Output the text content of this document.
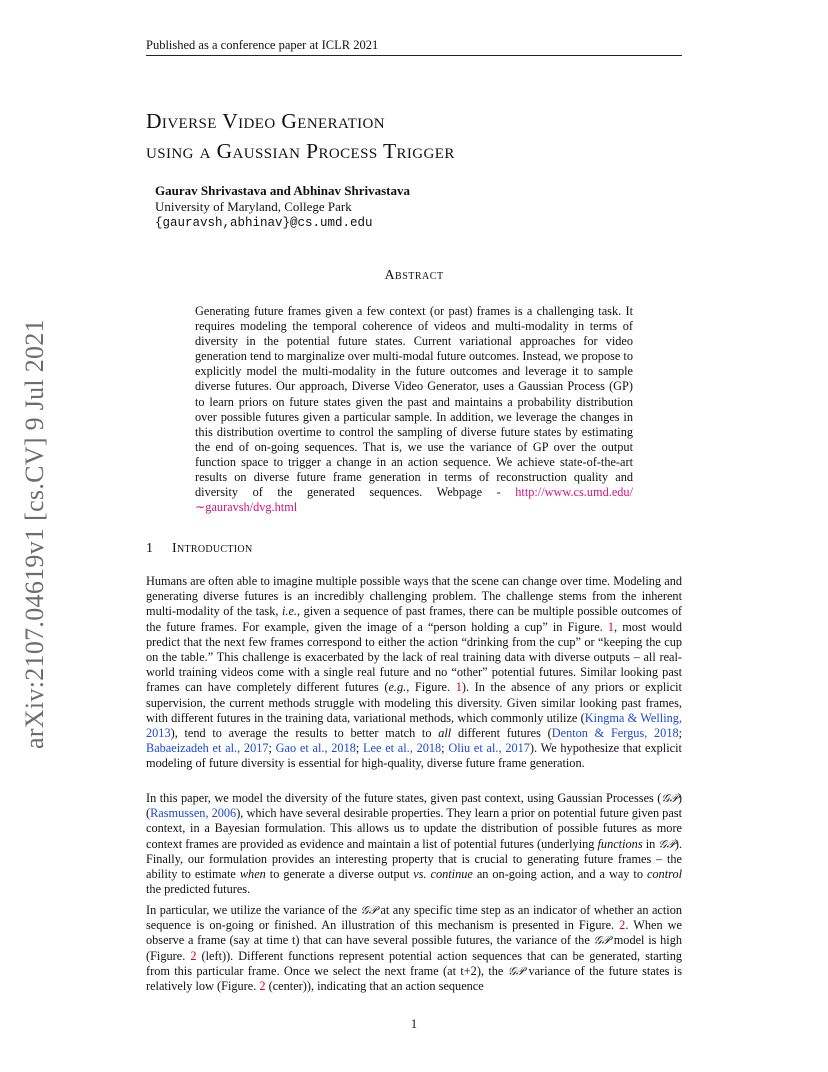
Published as a conference paper at ICLR 2021
arXiv:2107.04619v1 [cs.CV] 9 Jul 2021
Diverse Video Generation
using a Gaussian Process Trigger
Gaurav Shrivastava and Abhinav Shrivastava
University of Maryland, College Park
{gauravsh,abhinav}@cs.umd.edu
Abstract
Generating future frames given a few context (or past) frames is a challenging task. It requires modeling the temporal coherence of videos and multi-modality in terms of diversity in the potential future states. Current variational approaches for video generation tend to marginalize over multi-modal future outcomes. Instead, we propose to explicitly model the multi-modality in the future outcomes and leverage it to sample diverse futures. Our approach, Diverse Video Generator, uses a Gaussian Process (GP) to learn priors on future states given the past and maintains a probability distribution over possible futures given a particular sample. In addition, we leverage the changes in this distribution overtime to control the sampling of diverse future states by estimating the end of on-going sequences. That is, we use the variance of GP over the output function space to trigger a change in an action sequence. We achieve state-of-the-art results on diverse future frame generation in terms of reconstruction quality and diversity of the generated sequences. Webpage - http://www.cs.umd.edu/∼gauravsh/dvg.html
1 Introduction
Humans are often able to imagine multiple possible ways that the scene can change over time. Modeling and generating diverse futures is an incredibly challenging problem. The challenge stems from the inherent multi-modality of the task, i.e., given a sequence of past frames, there can be multiple possible outcomes of the future frames. For example, given the image of a “person holding a cup” in Figure. 1, most would predict that the next few frames correspond to either the action “drinking from the cup” or “keeping the cup on the table.” This challenge is exacerbated by the lack of real training data with diverse outputs – all real-world training videos come with a single real future and no “other” potential futures. Similar looking past frames can have completely different futures (e.g., Figure. 1). In the absence of any priors or explicit supervision, the current methods struggle with modeling this diversity. Given similar looking past frames, with different futures in the training data, variational methods, which commonly utilize (Kingma & Welling, 2013), tend to average the results to better match to all different futures (Denton & Fergus, 2018; Babaeizadeh et al., 2017; Gao et al., 2018; Lee et al., 2018; Oliu et al., 2017). We hypothesize that explicit modeling of future diversity is essential for high-quality, diverse future frame generation.
In this paper, we model the diversity of the future states, given past context, using Gaussian Processes (𝒢𝒫) (Rasmussen, 2006), which have several desirable properties. They learn a prior on potential future given past context, in a Bayesian formulation. This allows us to update the distribution of possible futures as more context frames are provided as evidence and maintain a list of potential futures (underlying functions in 𝒢𝒫). Finally, our formulation provides an interesting property that is crucial to generating future frames – the ability to estimate when to generate a diverse output vs. continue an on-going action, and a way to control the predicted futures.
In particular, we utilize the variance of the 𝒢𝒫 at any specific time step as an indicator of whether an action sequence is on-going or finished. An illustration of this mechanism is presented in Figure. 2. When we observe a frame (say at time t) that can have several possible futures, the variance of the 𝒢𝒫 model is high (Figure. 2 (left)). Different functions represent potential action sequences that can be generated, starting from this particular frame. Once we select the next frame (at t+2), the 𝒢𝒫 variance of the future states is relatively low (Figure. 2 (center)), indicating that an action sequence
1
